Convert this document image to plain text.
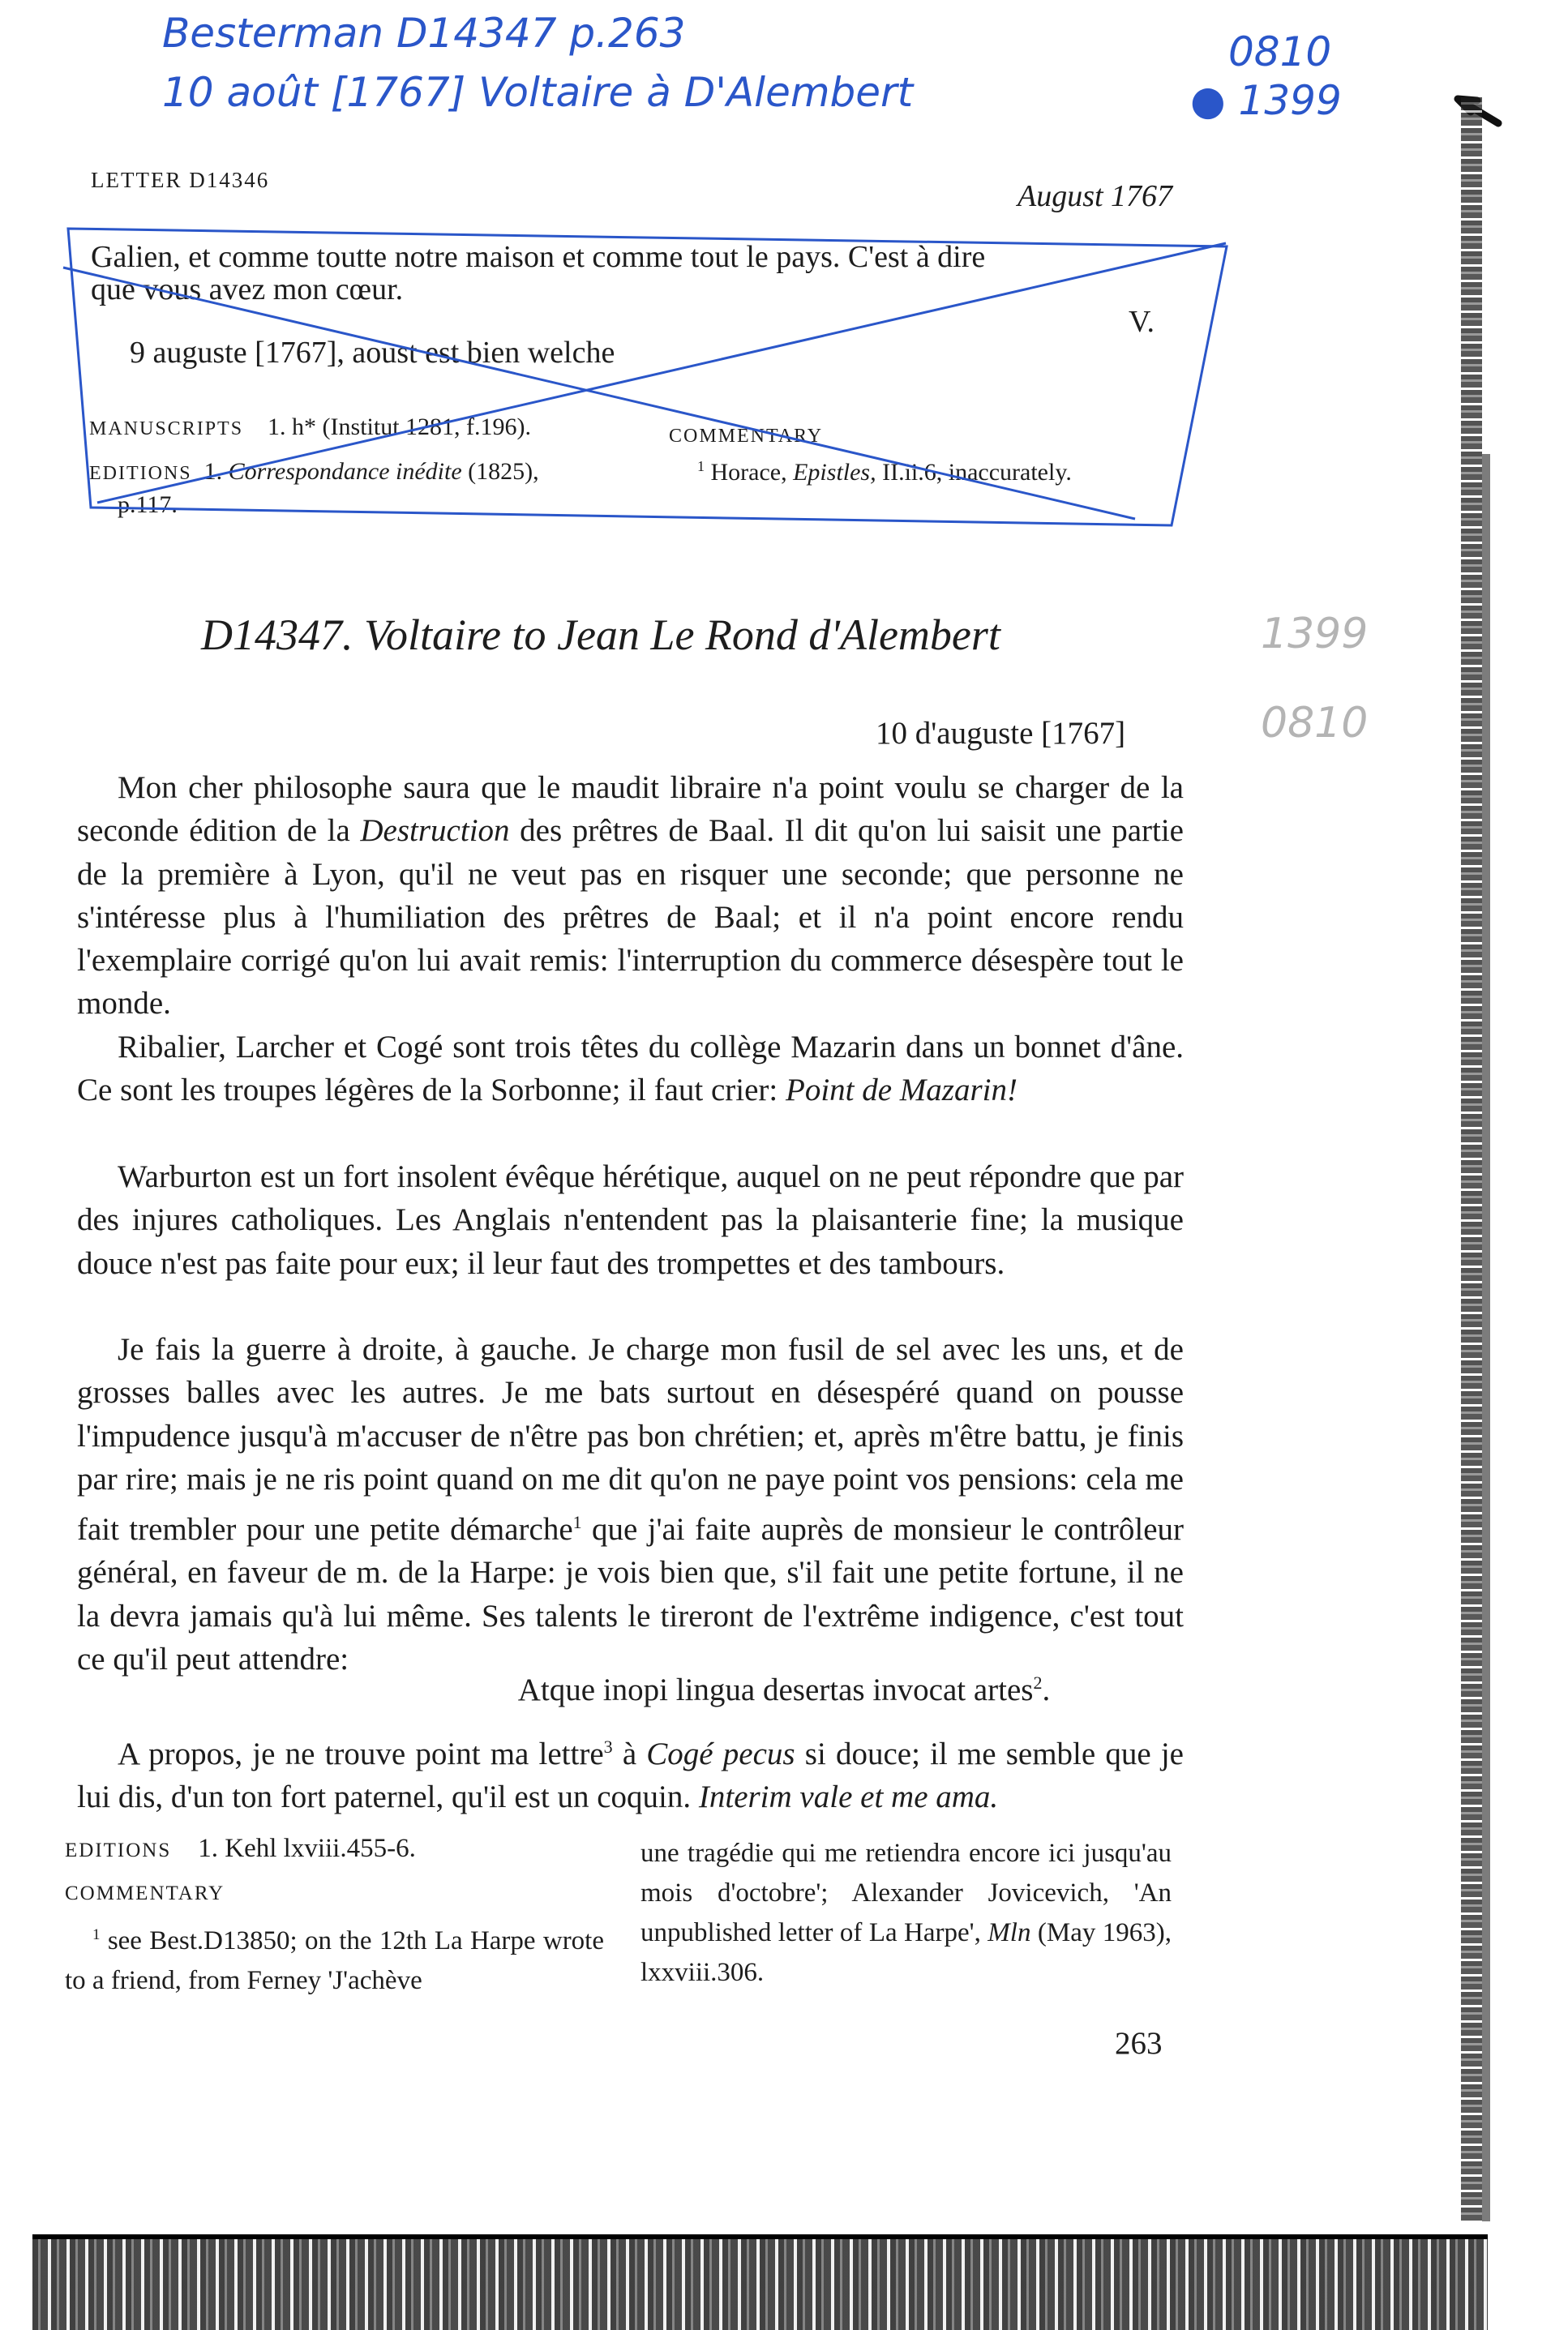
Besterman D14347 p.263
10 août [1767] Voltaire à D'Alembert
0810
● 1399
1399
0810
LETTER D14346	August 1767
Galien, et comme toutte notre maison et comme tout le pays. C'est à dire
que vous avez mon cœur.
V.
9 auguste [1767], aoust est bien welche
MANUSCRIPTS 1. h* (Institut 1281, f.196).	COMMENTARY
EDITIONS 1. Correspondance inédite (1825),	$^1$ Horace, Epistles, II.ii.6, inaccurately.
p.117.
D14347. Voltaire to Jean Le Rond d'Alembert
10 d'auguste [1767]
Mon cher philosophe saura que le maudit libraire n'a point voulu se charger de la seconde édition de la Destruction des prêtres de Baal. Il dit qu'on lui saisit une partie de la première à Lyon, qu'il ne veut pas en risquer une seconde; que personne ne s'intéresse plus à l'humiliation des prêtres de Baal; et il n'a point encore rendu l'exemplaire corrigé qu'on lui avait remis: l'interruption du commerce désespère tout le monde.
Ribalier, Larcher et Cogé sont trois têtes du collège Mazarin dans un bonnet d'âne. Ce sont les troupes légères de la Sorbonne; il faut crier: Point de Mazarin!
Warburton est un fort insolent évêque hérétique, auquel on ne peut répondre que par des injures catholiques. Les Anglais n'entendent pas la plaisanterie fine; la musique douce n'est pas faite pour eux; il leur faut des trompettes et des tambours.
Je fais la guerre à droite, à gauche. Je charge mon fusil de sel avec les uns, et de grosses balles avec les autres. Je me bats surtout en désespéré quand on pousse l'impudence jusqu'à m'accuser de n'être pas bon chrétien; et, après m'être battu, je finis par rire; mais je ne ris point quand on me dit qu'on ne paye point vos pensions: cela me fait trembler pour une petite démarche$^1$ que j'ai faite auprès de monsieur le contrôleur général, en faveur de m. de la Harpe: je vois bien que, s'il fait une petite fortune, il ne la devra jamais qu'à lui même. Ses talents le tireront de l'extrême indigence, c'est tout ce qu'il peut attendre:
Atque inopi lingua desertas invocat artes$^2$.
A propos, je ne trouve point ma lettre$^3$ à Cogé pecus si douce; il me semble que je lui dis, d'un ton fort paternel, qu'il est un coquin. Interim vale et me ama.
EDITIONS 1. Kehl lxviii.455-6.
COMMENTARY
$^1$ see Best.D13850; on the 12th La Harpe wrote to a friend, from Ferney 'J'achève
une tragédie qui me retiendra encore ici jusqu'au mois d'octobre'; Alexander Jovicevich, 'An unpublished letter of La Harpe', Mln (May 1963), lxxviii.306.
263
